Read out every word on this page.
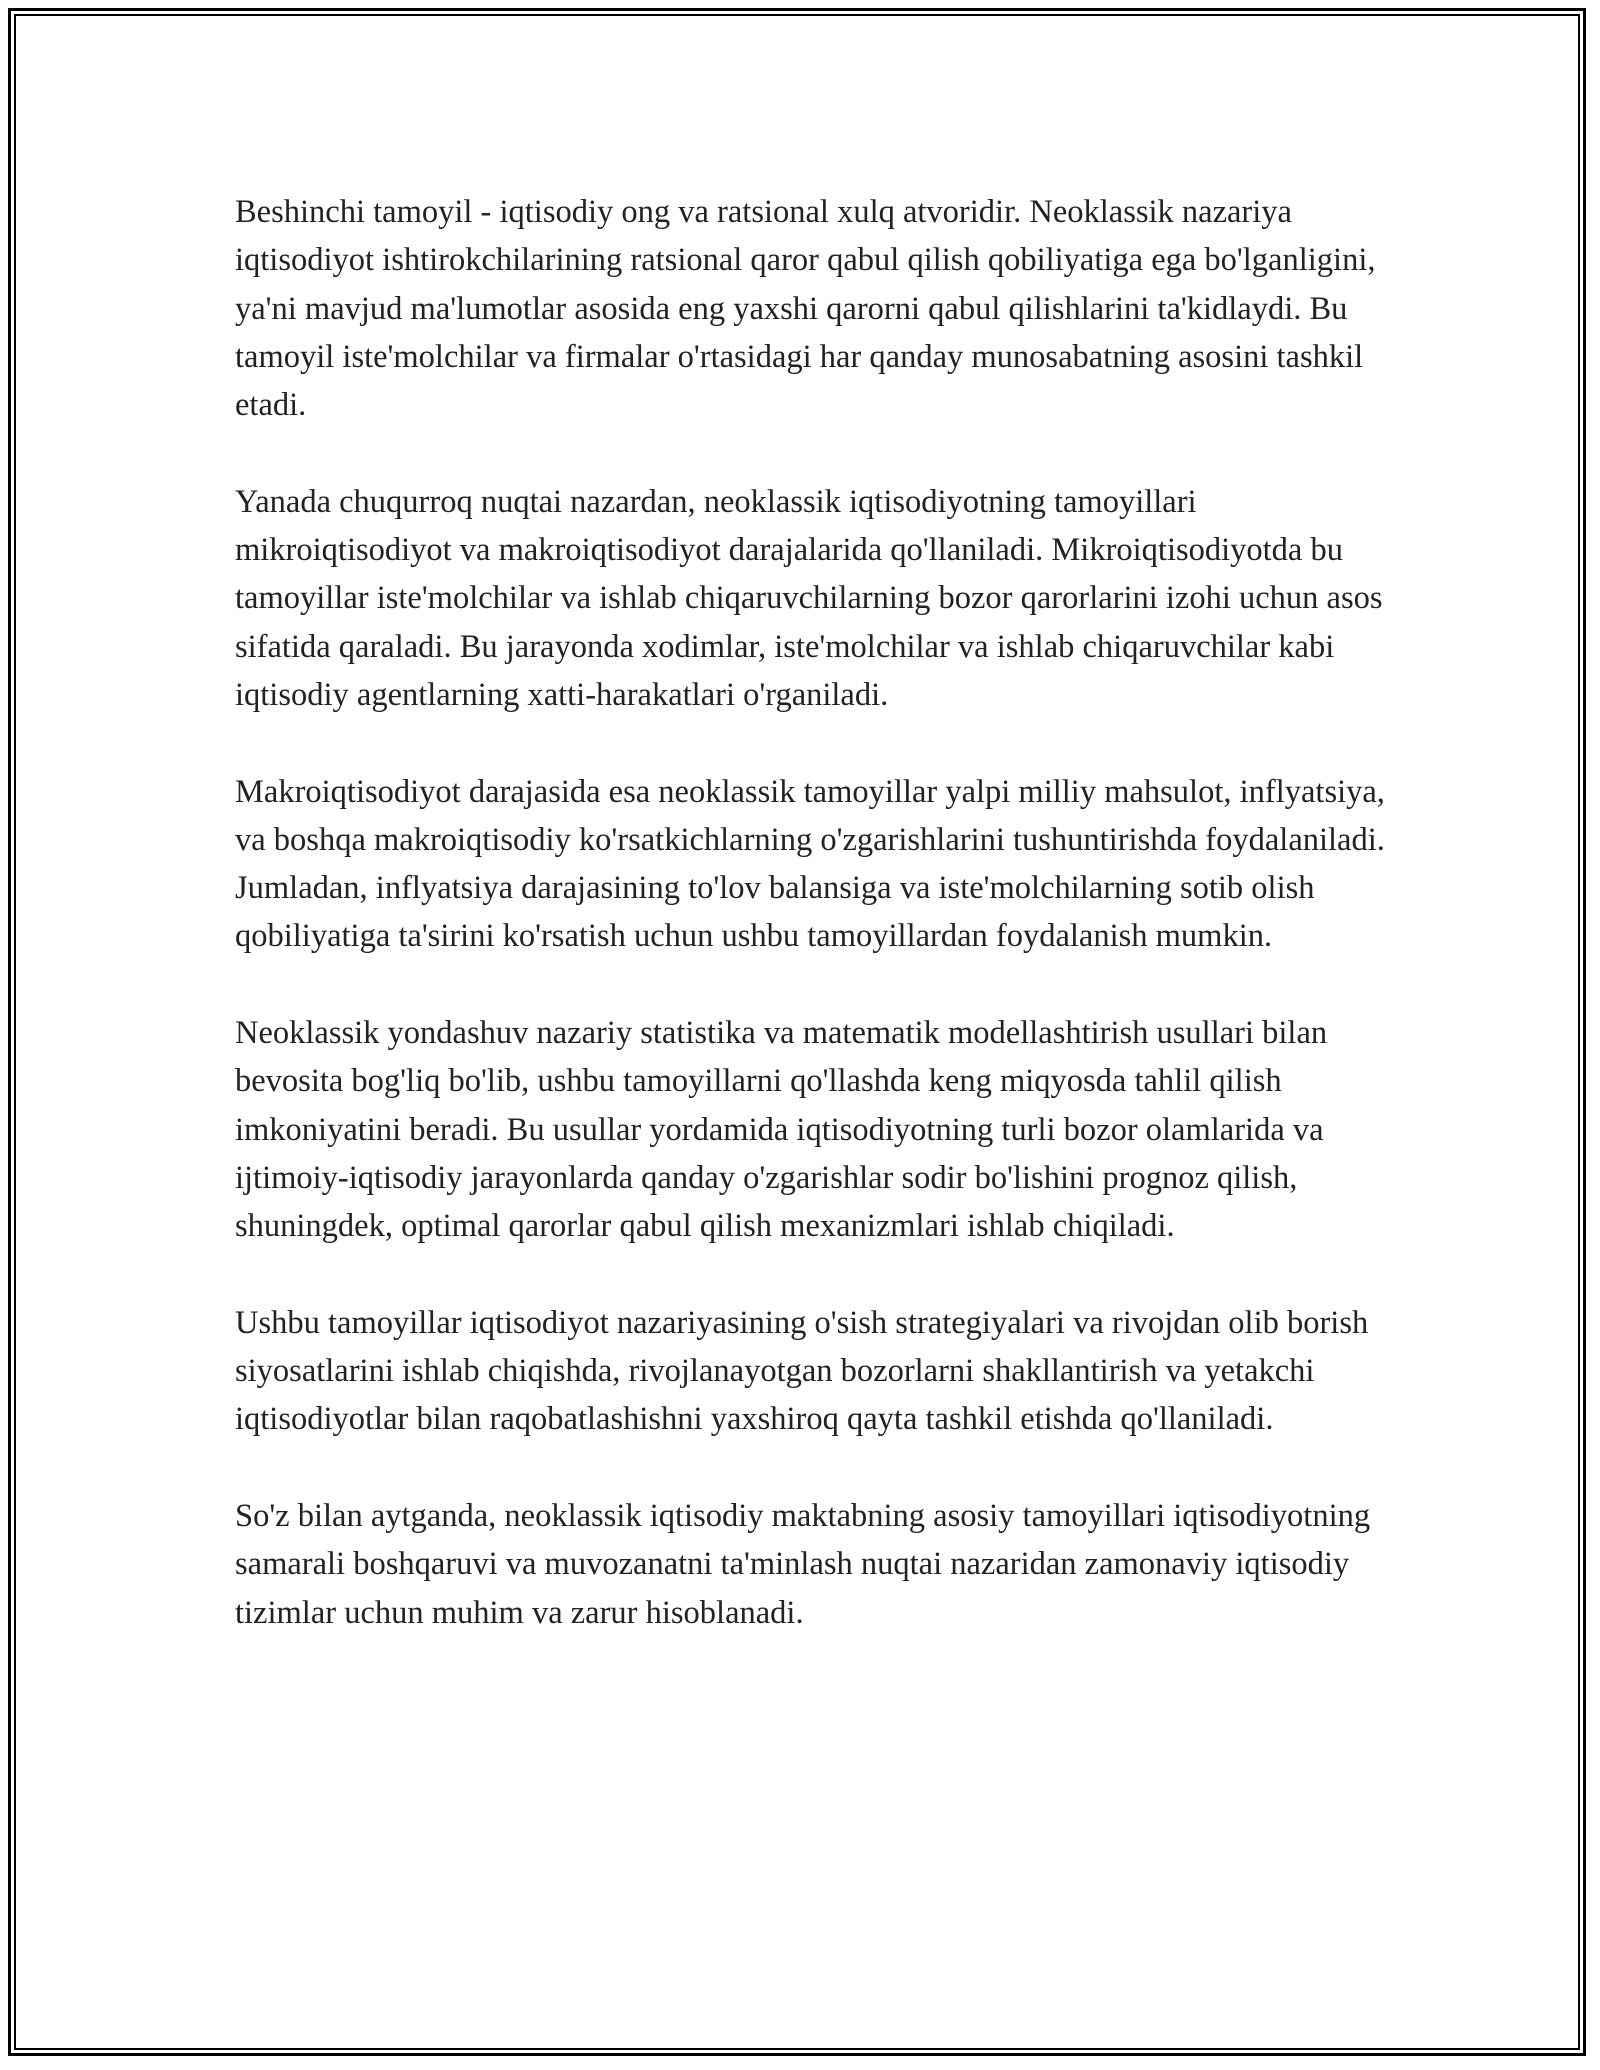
Beshinchi tamoyil - iqtisodiy ong va ratsional xulq atvoridir. Neoklassik nazariya iqtisodiyot ishtirokchilarining ratsional qaror qabul qilish qobiliyatiga ega bo'lganligini, ya'ni mavjud ma'lumotlar asosida eng yaxshi qarorni qabul qilishlarini ta'kidlaydi. Bu tamoyil iste'molchilar va firmalar o'rtasidagi har qanday munosabatning asosini tashkil etadi.

Yanada chuqurroq nuqtai nazardan, neoklassik iqtisodiyotning tamoyillari mikroiqtisodiyot va makroiqtisodiyot darajalarida qo'llaniladi. Mikroiqtisodiyotda bu tamoyillar iste'molchilar va ishlab chiqaruvchilarning bozor qarorlarini izohi uchun asos sifatida qaraladi. Bu jarayonda xodimlar, iste'molchilar va ishlab chiqaruvchilar kabi iqtisodiy agentlarning xatti-harakatlari o'rganiladi.

Makroiqtisodiyot darajasida esa neoklassik tamoyillar yalpi milliy mahsulot, inflyatsiya, va boshqa makroiqtisodiy ko'rsatkichlarning o'zgarishlarini tushuntirishda foydalaniladi. Jumladan, inflyatsiya darajasining to'lov balansiga va iste'molchilarning sotib olish qobiliyatiga ta'sirini ko'rsatish uchun ushbu tamoyillardan foydalanish mumkin.

Neoklassik yondashuv nazariy statistika va matematik modellashtirish usullari bilan bevosita bog'liq bo'lib, ushbu tamoyillarni qo'llashda keng miqyosda tahlil qilish imkoniyatini beradi. Bu usullar yordamida iqtisodiyotning turli bozor olamlarida va ijtimoiy-iqtisodiy jarayonlarda qanday o'zgarishlar sodir bo'lishini prognoz qilish, shuningdek, optimal qarorlar qabul qilish mexanizmlari ishlab chiqiladi.

Ushbu tamoyillar iqtisodiyot nazariyasining o'sish strategiyalari va rivojdan olib borish siyosatlarini ishlab chiqishda, rivojlanayotgan bozorlarni shakllantirish va yetakchi iqtisodiyotlar bilan raqobatlashishni yaxshiroq qayta tashkil etishda qo'llaniladi.

So'z bilan aytganda, neoklassik iqtisodiy maktabning asosiy tamoyillari iqtisodiyotning samarali boshqaruvi va muvozanatni ta'minlash nuqtai nazaridan zamonaviy iqtisodiy tizimlar uchun muhim va zarur hisoblanadi.
